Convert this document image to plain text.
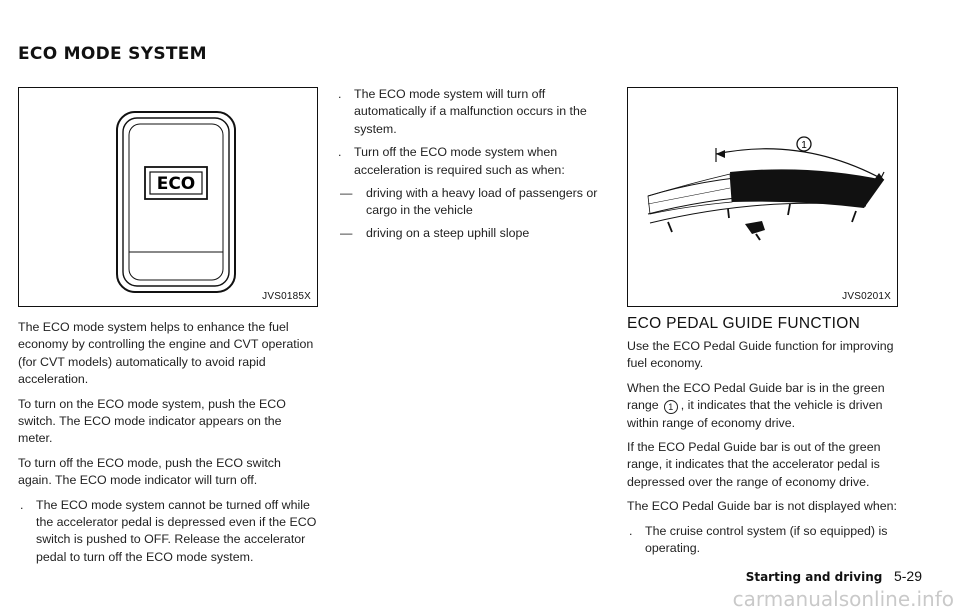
ECO MODE SYSTEM
ECO
JVS0185X
1
JVS0201X

The ECO mode system helps to enhance the fuel economy by controlling the engine and CVT operation (for CVT models) automatically to avoid rapid acceleration.

To turn on the ECO mode system, push the ECO switch. The ECO mode indicator appears on the meter.

To turn off the ECO mode, push the ECO switch again. The ECO mode indicator will turn off.

. The ECO mode system cannot be turned off while the accelerator pedal is depressed even if the ECO switch is pushed to OFF. Release the accelerator pedal to turn off the ECO mode system.
. The ECO mode system will turn off automatically if a malfunction occurs in the system.
. Turn off the ECO mode system when acceleration is required such as when:
— driving with a heavy load of passengers or cargo in the vehicle
— driving on a steep uphill slope
ECO PEDAL GUIDE FUNCTION

Use the ECO Pedal Guide function for improving fuel economy.

When the ECO Pedal Guide bar is in the green range 1 , it indicates that the vehicle is driven within range of economy drive.

If the ECO Pedal Guide bar is out of the green range, it indicates that the accelerator pedal is depressed over the range of economy drive.

The ECO Pedal Guide bar is not displayed when:

. The cruise control system (if so equipped) is operating.
Starting and driving 5-29
carmanualsonline.info
